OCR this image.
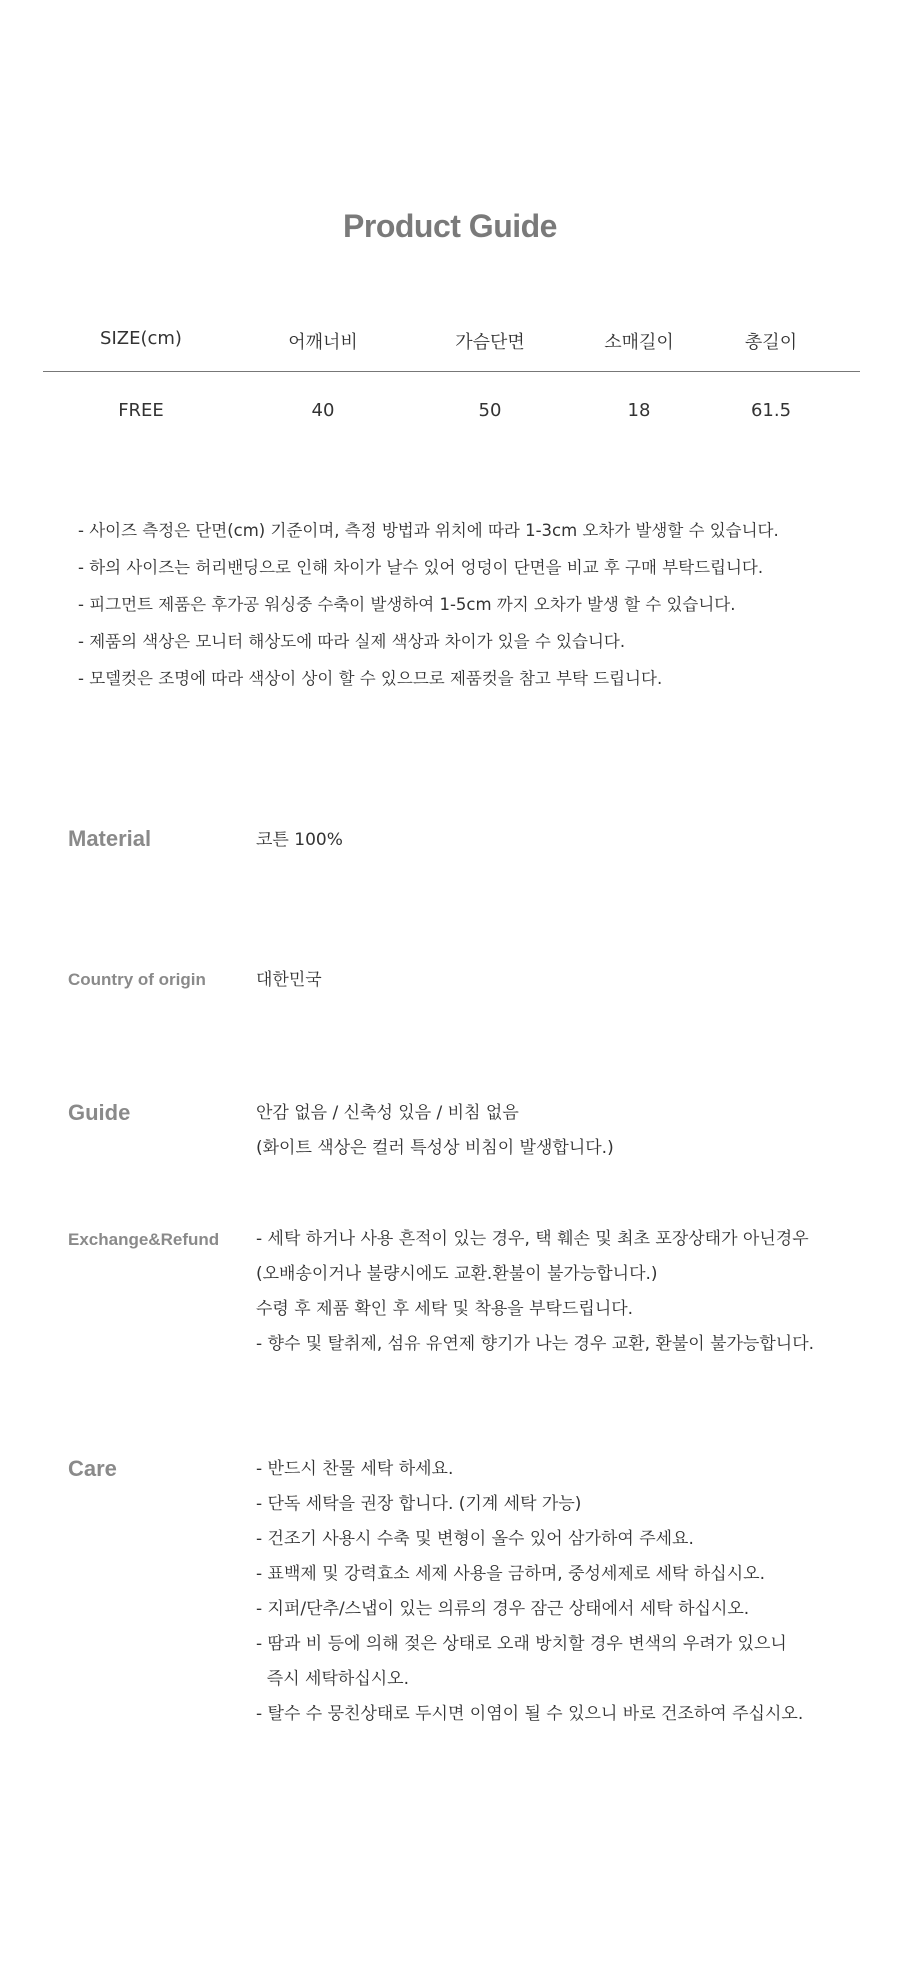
Product Guide
SIZE(cm)	어깨너비	가슴단면	소매길이	총길이
FREE	40	50	18	61.5
- 사이즈 측정은 단면(cm) 기준이며, 측정 방법과 위치에 따라 1-3cm 오차가 발생할 수 있습니다.
- 하의 사이즈는 허리밴딩으로 인해 차이가 날수 있어 엉덩이 단면을 비교 후 구매 부탁드립니다.
- 피그먼트 제품은 후가공 워싱중 수축이 발생하여 1-5cm 까지 오차가 발생 할 수 있습니다.
- 제품의 색상은 모니터 해상도에 따라 실제 색상과 차이가 있을 수 있습니다.
- 모델컷은 조명에 따라 색상이 상이 할 수 있으므로 제품컷을 참고 부탁 드립니다.
Material	코튼 100%
Country of origin	대한민국
Guide	안감 없음 / 신축성 있음 / 비침 없음
(화이트 색상은 컬러 특성상 비침이 발생합니다.)
Exchange&Refund - 세탁 하거나 사용 흔적이 있는 경우, 택 훼손 및 최초 포장상태가 아닌경우
(오배송이거나 불량시에도 교환.환불이 불가능합니다.)
수령 후 제품 확인 후 세탁 및 착용을 부탁드립니다.
- 향수 및 탈취제, 섬유 유연제 향기가 나는 경우 교환, 환불이 불가능합니다.
Care	- 반드시 찬물 세탁 하세요.
- 단독 세탁을 권장 합니다. (기계 세탁 가능)
- 건조기 사용시 수축 및 변형이 올수 있어 삼가하여 주세요.
- 표백제 및 강력효소 세제 사용을 금하며, 중성세제로 세탁 하십시오.
- 지퍼/단추/스냅이 있는 의류의 경우 잠근 상태에서 세탁 하십시오.
- 땀과 비 등에 의해 젖은 상태로 오래 방치할 경우 변색의 우려가 있으니
즉시 세탁하십시오.
- 탈수 수 뭉친상태로 두시면 이염이 될 수 있으니 바로 건조하여 주십시오.
